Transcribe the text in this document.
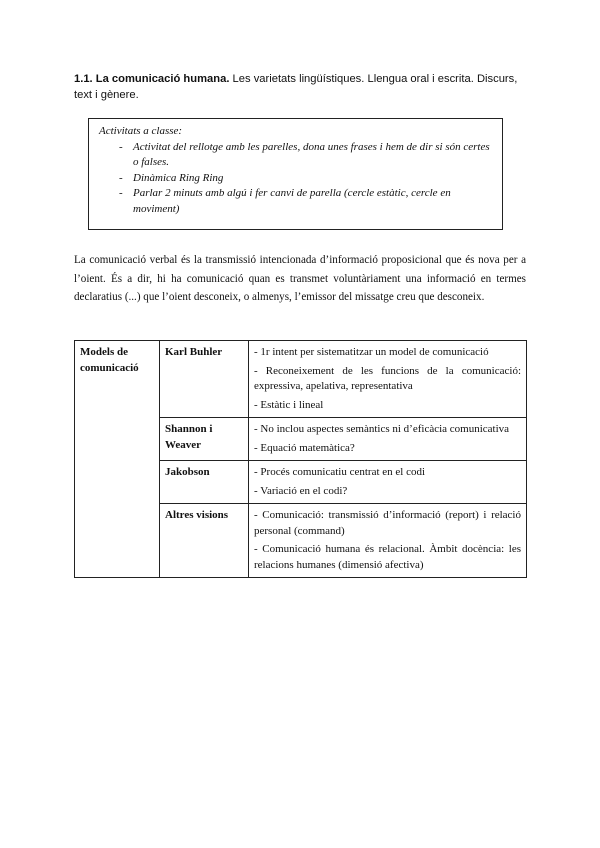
1.1. La comunicació humana. Les varietats lingüístiques. Llengua oral i escrita. Discurs, text i gènere.
Activitats a classe:
- Activitat del rellotge amb les parelles, dona unes frases i hem de dir si són certes o falses.
- Dinàmica Ring Ring
- Parlar 2 minuts amb algú i fer canvi de parella (cercle estàtic, cercle en moviment)
La comunicació verbal és la transmissió intencionada d’informació proposicional que és nova per a l’oient. És a dir, hi ha comunicació quan es transmet voluntàriament una informació en termes declaratius (...) que l’oient desconeix, o almenys, l’emissor del missatge creu que desconeix.
Models de comunicació	Karl Buhler	- 1r intent per sistematitzar un model de comunicació
- Reconeixement de les funcions de la comunicació: expressiva, apelativa, representativa
- Estàtic i lineal

	Shannon i Weaver	- No inclou aspectes semàntics ni d’eficàcia comunicativa
- Equació matemàtica?

	Jakobson	- Procés comunicatiu centrat en el codi
- Variació en el codi?

	Altres visions	- Comunicació: transmissió d’informació (report) i relació personal (command)
- Comunicació humana és relacional. Àmbit docència: les relacions humanes (dimensió afectiva)
